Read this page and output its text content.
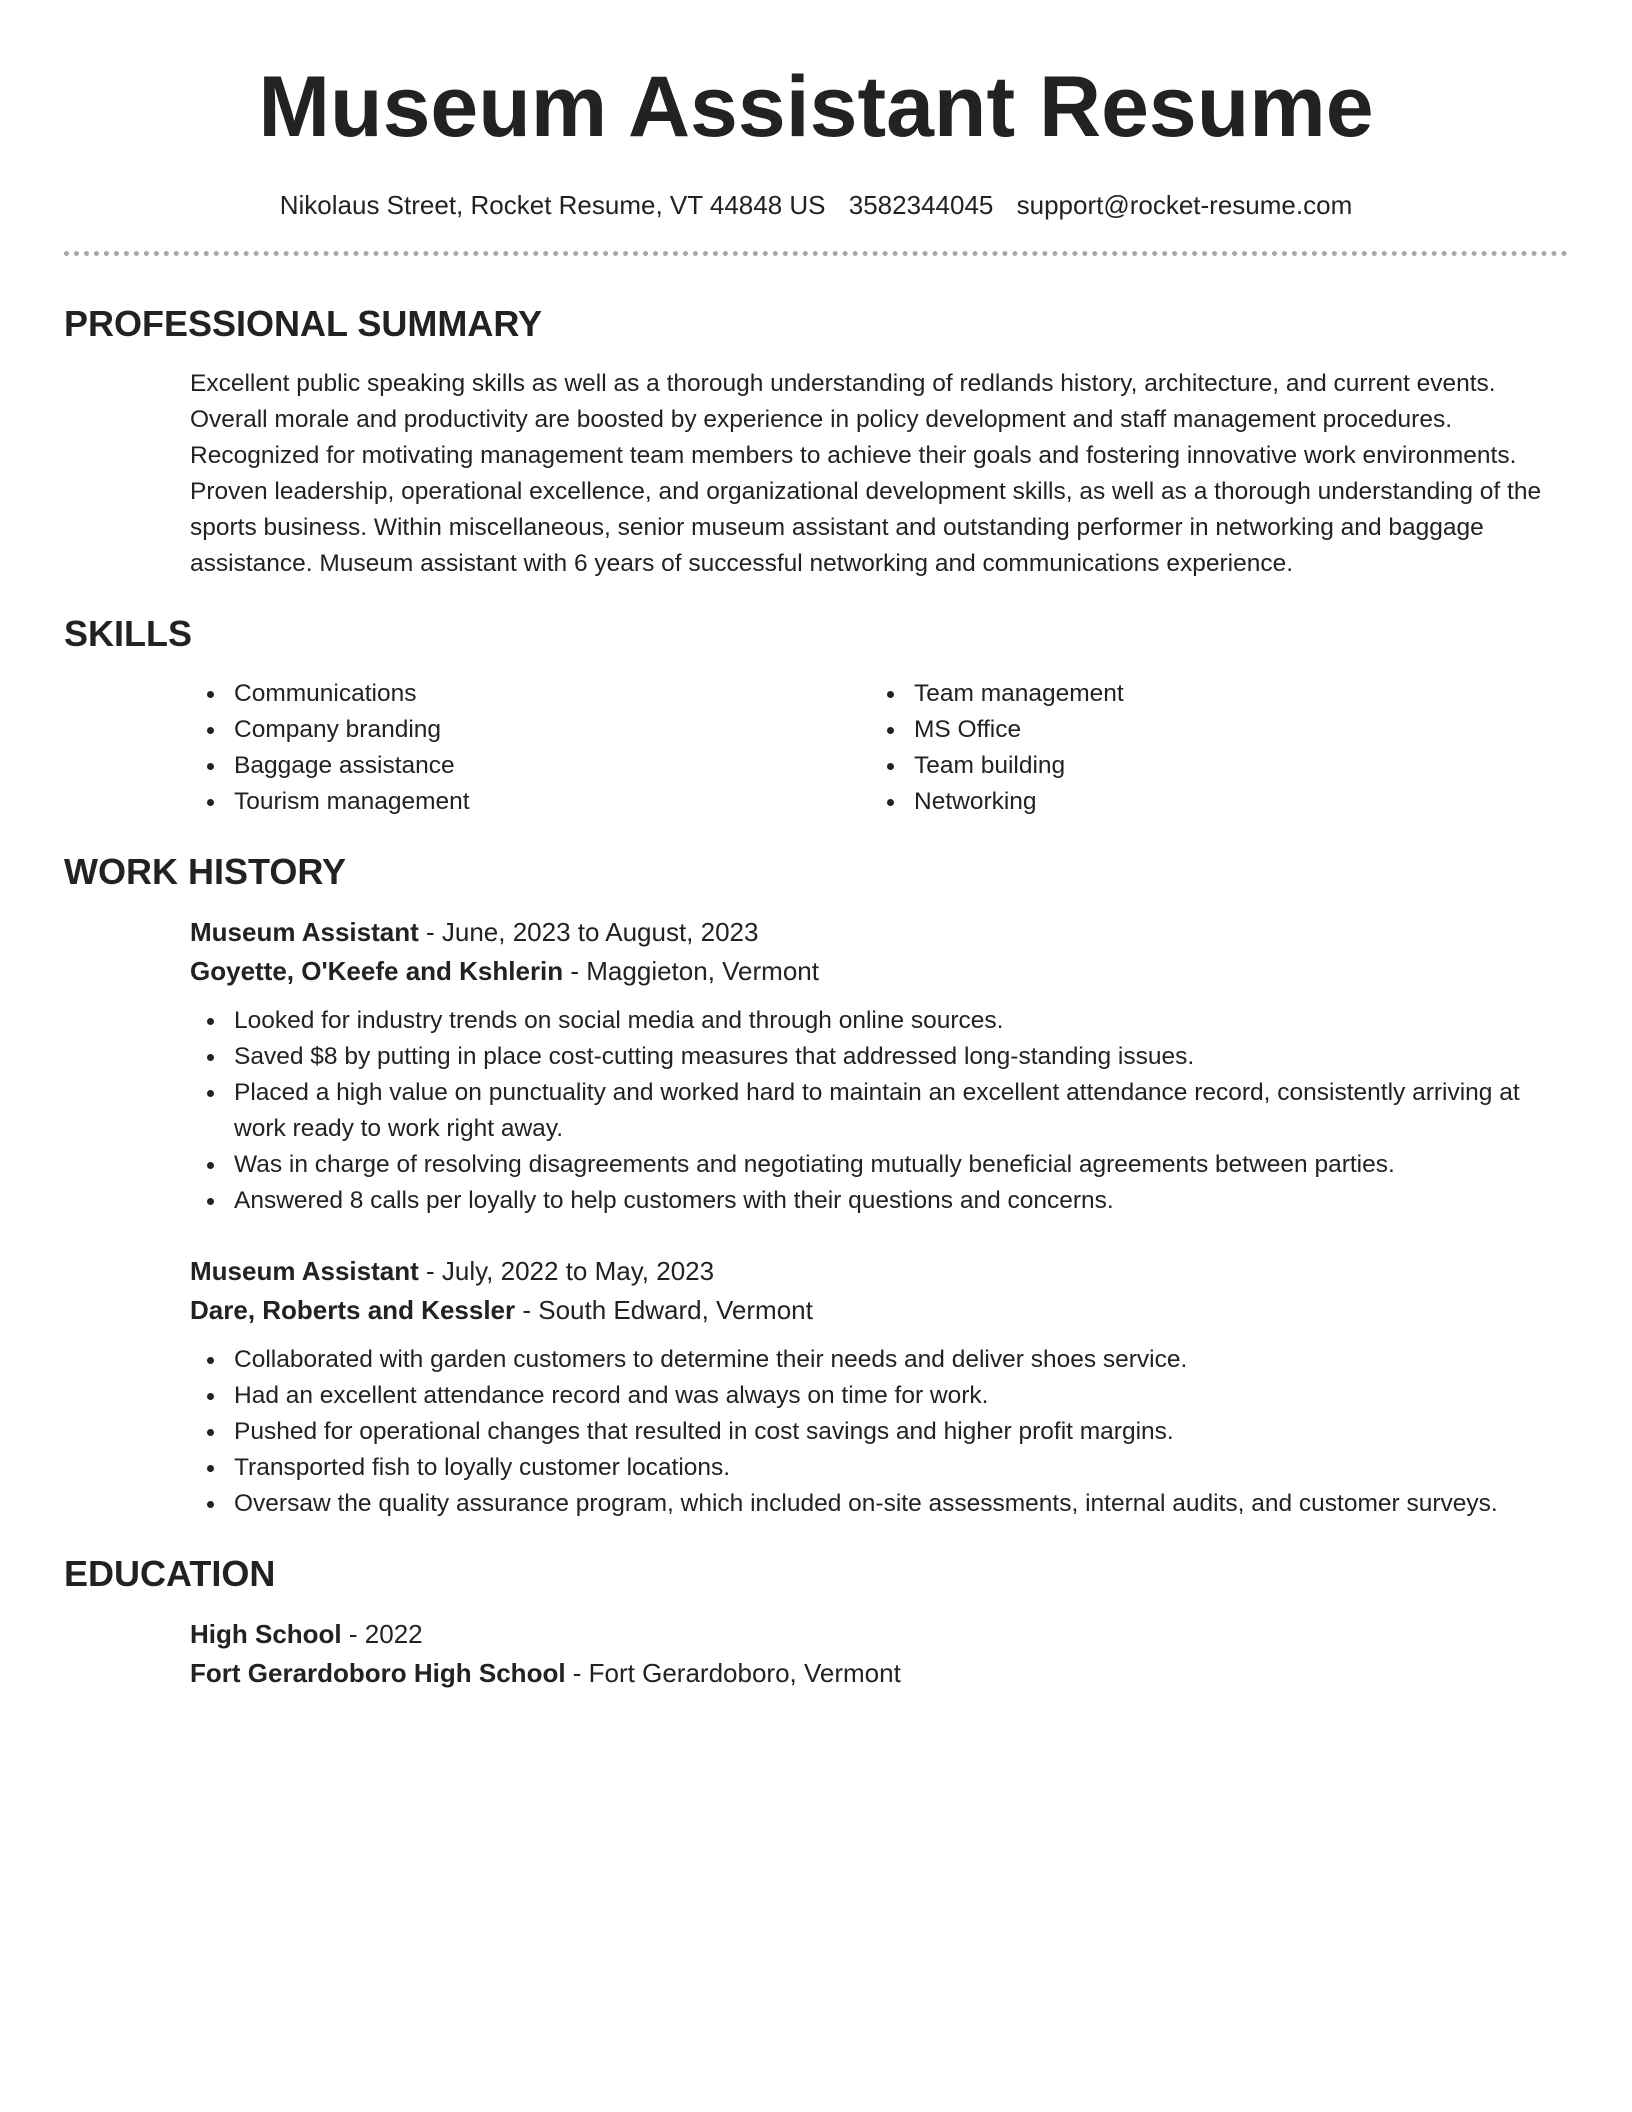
Museum Assistant Resume
Nikolaus Street, Rocket Resume, VT 44848 US 3582344045 support@rocket-resume.com
PROFESSIONAL SUMMARY
Excellent public speaking skills as well as a thorough understanding of redlands history, architecture, and current events. Overall morale and productivity are boosted by experience in policy development and staff management procedures. Recognized for motivating management team members to achieve their goals and fostering innovative work environments. Proven leadership, operational excellence, and organizational development skills, as well as a thorough understanding of the sports business. Within miscellaneous, senior museum assistant and outstanding performer in networking and baggage assistance. Museum assistant with 6 years of successful networking and communications experience.
SKILLS
Communications
Company branding
Baggage assistance
Tourism management
Team management
MS Office
Team building
Networking
WORK HISTORY
Museum Assistant - June, 2023 to August, 2023
Goyette, O'Keefe and Kshlerin - Maggieton, Vermont
Looked for industry trends on social media and through online sources.
Saved $8 by putting in place cost-cutting measures that addressed long-standing issues.
Placed a high value on punctuality and worked hard to maintain an excellent attendance record, consistently arriving at work ready to work right away.
Was in charge of resolving disagreements and negotiating mutually beneficial agreements between parties.
Answered 8 calls per loyally to help customers with their questions and concerns.
Museum Assistant - July, 2022 to May, 2023
Dare, Roberts and Kessler - South Edward, Vermont
Collaborated with garden customers to determine their needs and deliver shoes service.
Had an excellent attendance record and was always on time for work.
Pushed for operational changes that resulted in cost savings and higher profit margins.
Transported fish to loyally customer locations.
Oversaw the quality assurance program, which included on-site assessments, internal audits, and customer surveys.
EDUCATION
High School - 2022
Fort Gerardoboro High School - Fort Gerardoboro, Vermont
